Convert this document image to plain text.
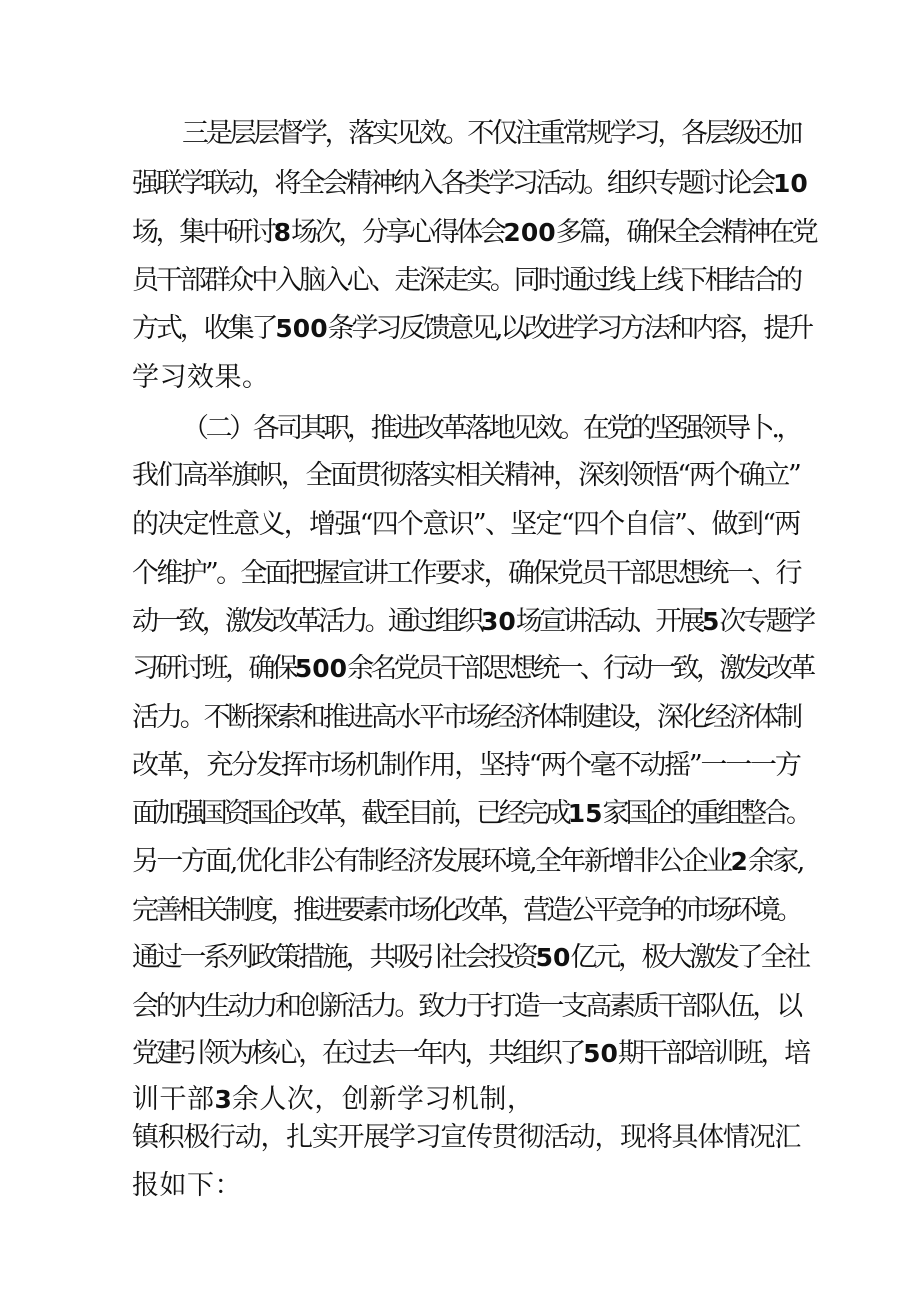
三是层层督学，落实见效。不仅注重常规学习，各层级还加
强联学联动，将全会精神纳入各类学习活动。组织专题讨论会10
场，集中研讨8场次，分享心得体会200多篇，确保全会精神在党
员干部群众中入脑入心、走深走实。同时通过线上线下相结合的
方式，收集了500条学习反馈意见,以改进学习方法和内容，提升
学习效果。
（二）各司其职，推进改革落地见效。在党的坚强领导卜.，
我们高举旗帜，全面贯彻落实相关精神，深刻领悟“两个确立”
的决定性意义，增强“四个意识”、坚定“四个自信”、做到“两
个维护”。全面把握宣讲工作要求，确保党员干部思想统一、行
动一致，激发改革活力。通过组织30场宣讲活动、开展5次专题学
习研讨班，确保500余名党员干部思想统一、行动一致，激发改革
活力。不断探索和推进高水平市场经济体制建设，深化经济体制
改革，充分发挥市场机制作用，坚持“两个毫不动摇”一一一方
面加强国资国企改革，截至目前，已经完成15家国企的重组整合。
另一方面,优化非公有制经济发展环境,全年新增非公企业2余家,
完善相关制度，推进要素市场化改革，营造公平竞争的市场环境。
通过一系列政策措施，共吸引社会投资50亿元，极大激发了全社
会的内生动力和创新活力。致力于打造一支高素质干部队伍，以
党建引领为核心，在过去一年内，共组织了50期干部培训班，培
训干部3余人次，创新学习机制，
镇积极行动，扎实开展学习宣传贯彻活动，现将具体情况汇
报如下：
